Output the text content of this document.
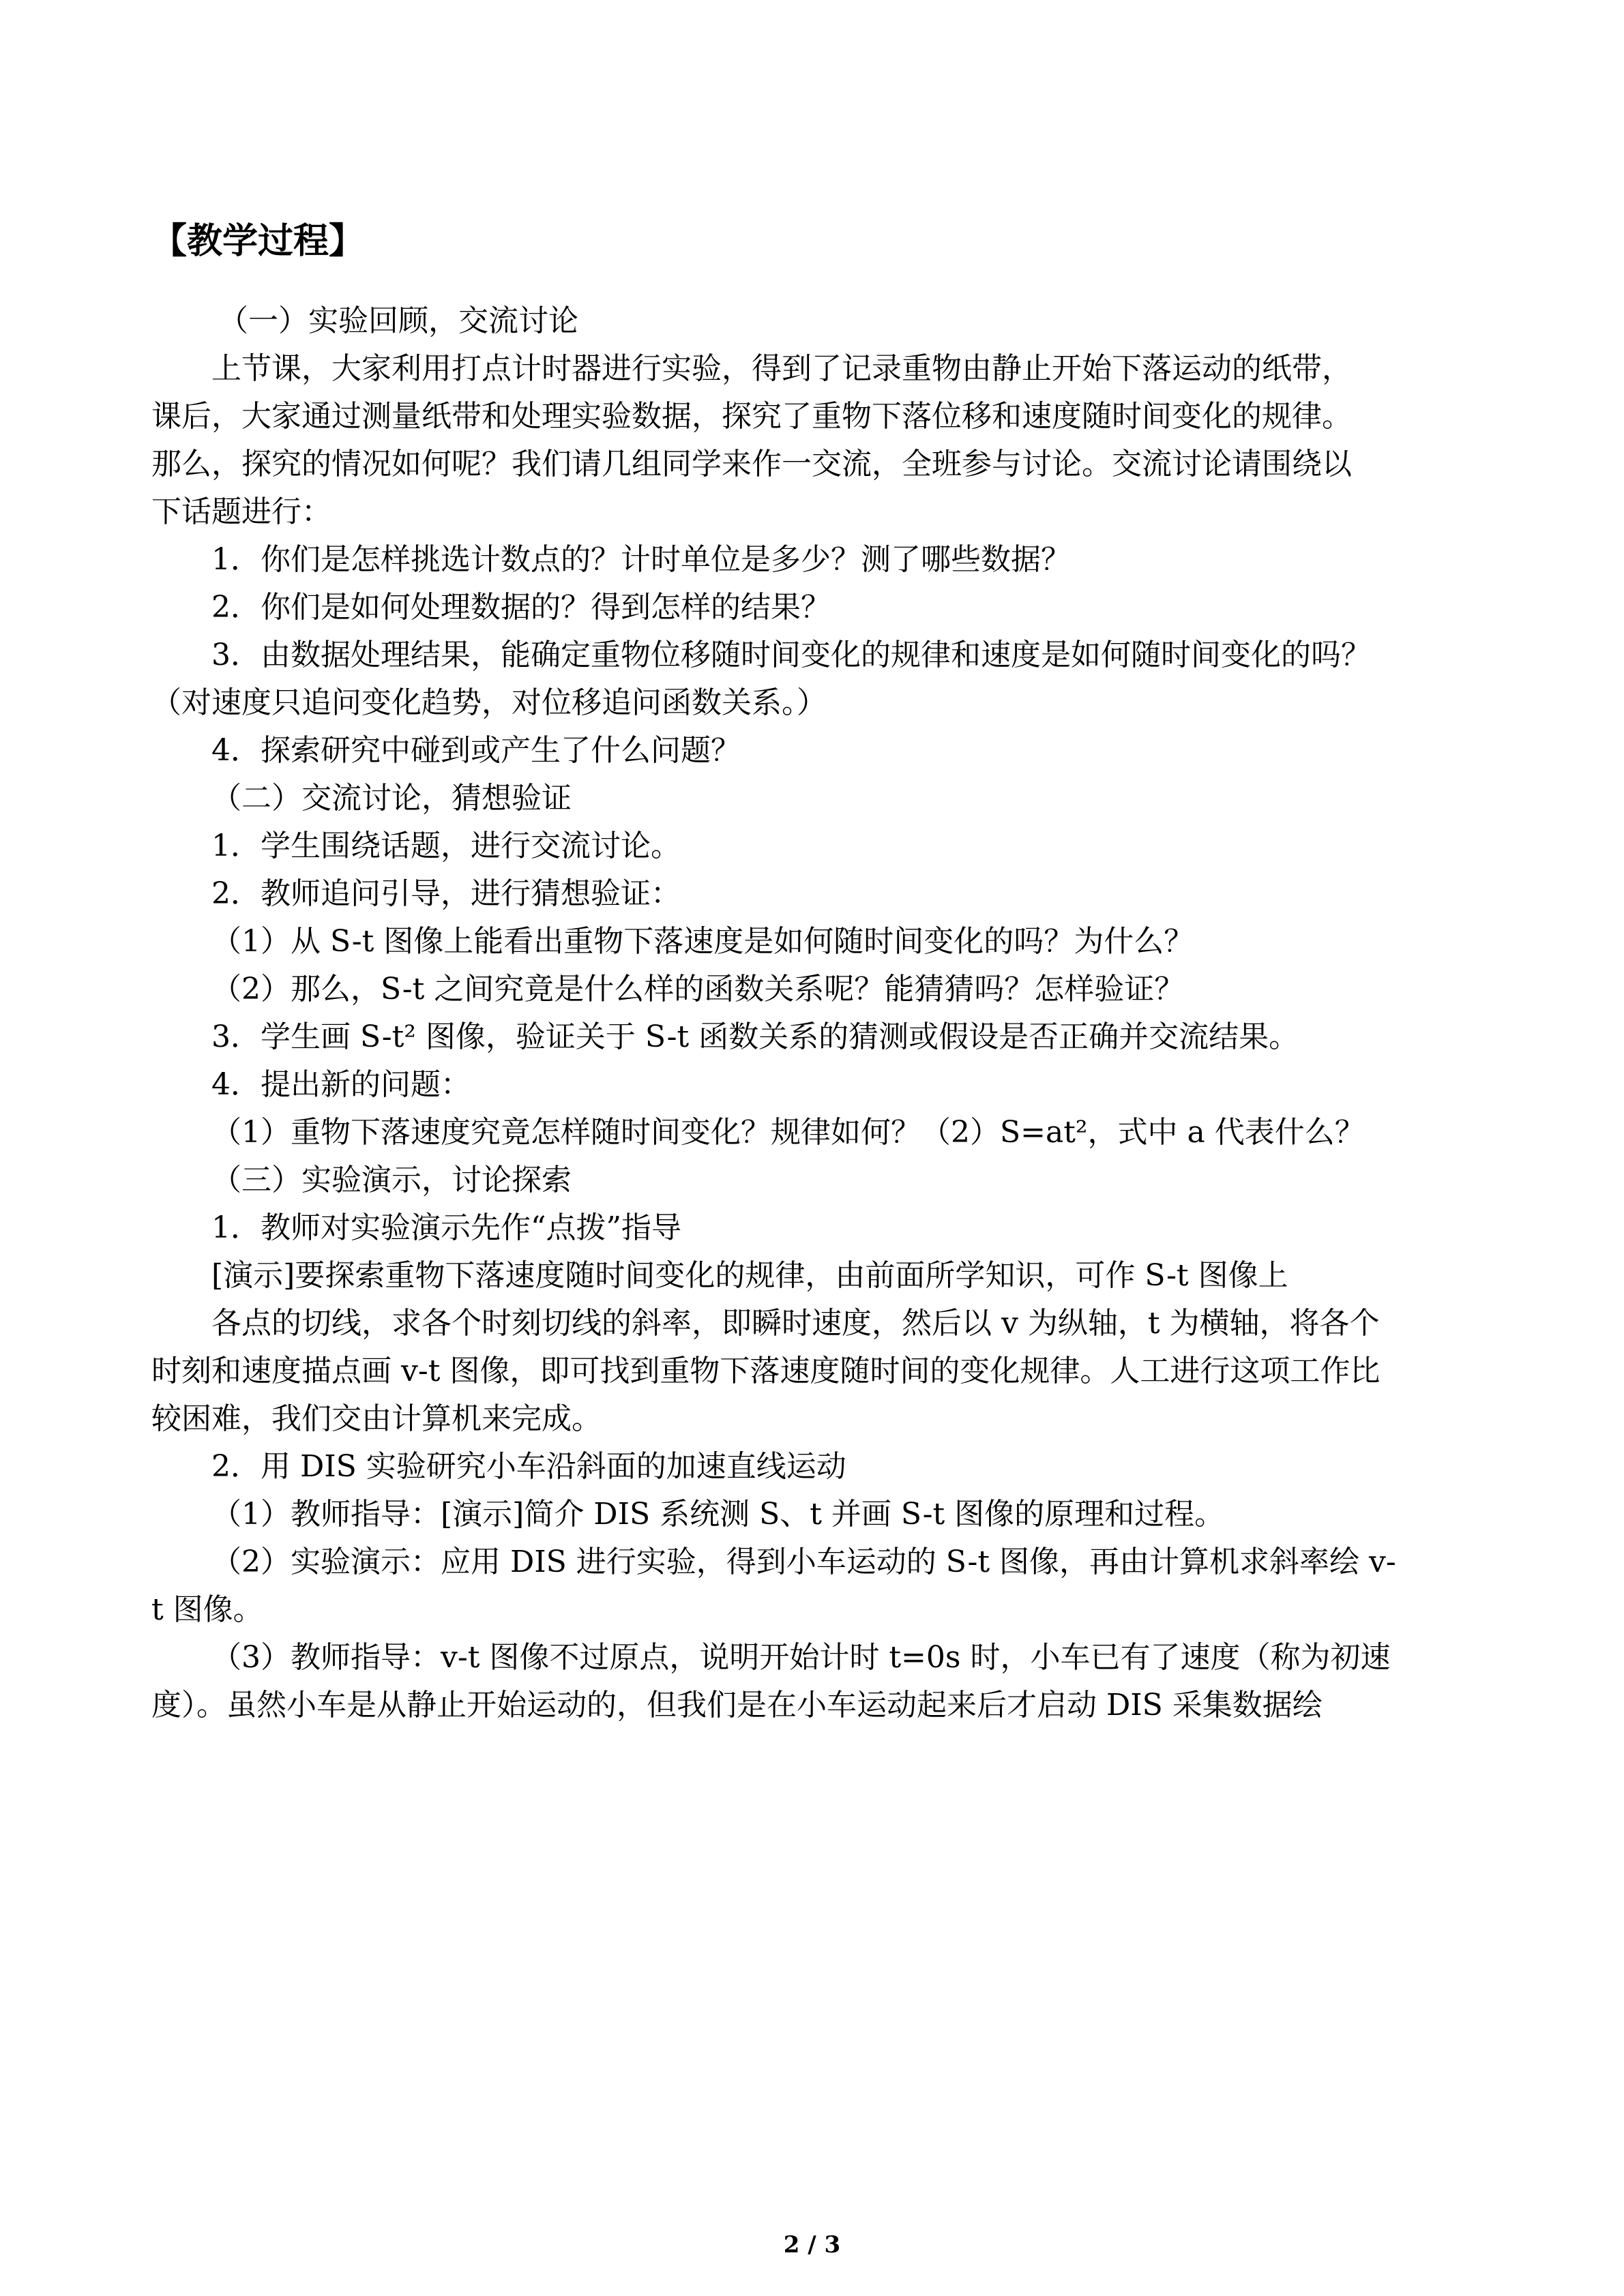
【教学过程】
（一）实验回顾，交流讨论
上节课，大家利用打点计时器进行实验，得到了记录重物由静止开始下落运动的纸带，
课后，大家通过测量纸带和处理实验数据，探究了重物下落位移和速度随时间变化的规律。
那么，探究的情况如何呢？我们请几组同学来作一交流，全班参与讨论。交流讨论请围绕以
下话题进行：
1．你们是怎样挑选计数点的？计时单位是多少？测了哪些数据？
2．你们是如何处理数据的？得到怎样的结果？
3．由数据处理结果，能确定重物位移随时间变化的规律和速度是如何随时间变化的吗？
（对速度只追问变化趋势，对位移追问函数关系。）
4．探索研究中碰到或产生了什么问题？
（二）交流讨论，猜想验证
1．学生围绕话题，进行交流讨论。
2．教师追问引导，进行猜想验证：
（1）从 S-t 图像上能看出重物下落速度是如何随时间变化的吗？为什么？
（2）那么，S-t 之间究竟是什么样的函数关系呢？能猜猜吗？怎样验证？
3．学生画 S-t² 图像，验证关于 S-t 函数关系的猜测或假设是否正确并交流结果。
4．提出新的问题：
（1）重物下落速度究竟怎样随时间变化？规律如何？（2）S=at²，式中 a 代表什么？
（三）实验演示，讨论探索
1．教师对实验演示先作“点拨”指导
[演示]要探索重物下落速度随时间变化的规律，由前面所学知识，可作 S-t 图像上
各点的切线，求各个时刻切线的斜率，即瞬时速度，然后以 v 为纵轴，t 为横轴，将各个
时刻和速度描点画 v-t 图像，即可找到重物下落速度随时间的变化规律。人工进行这项工作比
较困难，我们交由计算机来完成。
2．用 DIS 实验研究小车沿斜面的加速直线运动
（1）教师指导：[演示]简介 DIS 系统测 S、t 并画 S-t 图像的原理和过程。
（2）实验演示：应用 DIS 进行实验，得到小车运动的 S-t 图像，再由计算机求斜率绘 v-
t 图像。
（3）教师指导：v-t 图像不过原点，说明开始计时 t=0s 时，小车已有了速度（称为初速
度）。虽然小车是从静止开始运动的，但我们是在小车运动起来后才启动 DIS 采集数据绘
2 / 3
